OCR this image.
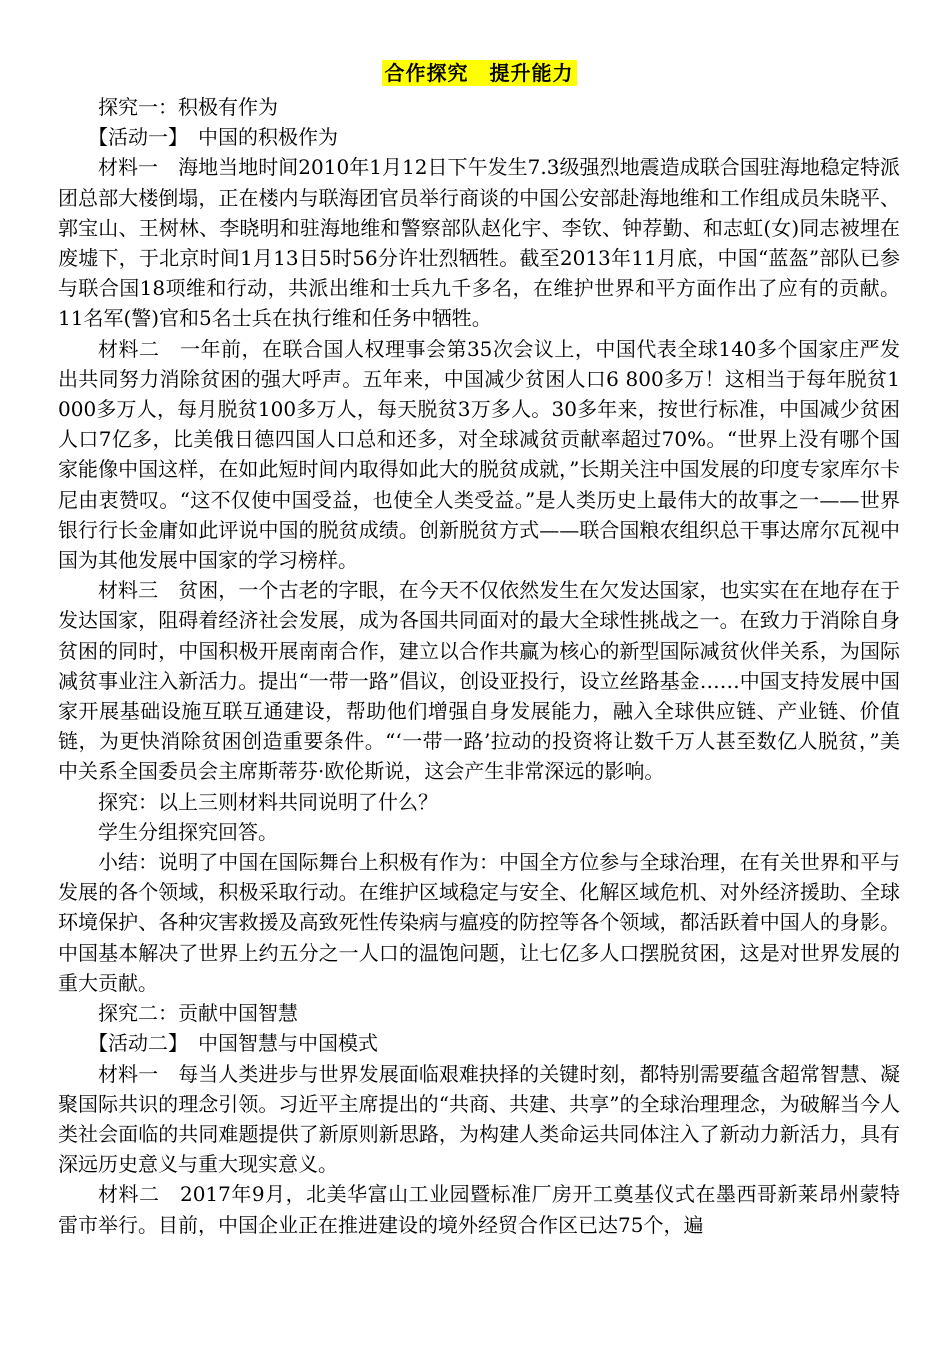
合作探究　提升能力

探究一：积极有作为

【活动一】　中国的积极作为

材料一　海地当地时间2010年1月12日下午发生7.3级强烈地震造成联合国驻海地稳定特派团总部大楼倒塌，正在楼内与联海团官员举行商谈的中国公安部赴海地维和工作组成员朱晓平、郭宝山、王树林、李晓明和驻海地维和警察部队赵化宇、李钦、钟荐勤、和志虹(女)同志被埋在废墟下，于北京时间1月13日5时56分许壮烈牺牲。截至2013年11月底，中国“蓝盔”部队已参与联合国18项维和行动，共派出维和士兵九千多名，在维护世界和平方面作出了应有的贡献。11名军(警)官和5名士兵在执行维和任务中牺牲。

材料二　一年前，在联合国人权理事会第35次会议上，中国代表全球140多个国家庄严发出共同努力消除贫困的强大呼声。五年来，中国减少贫困人口6 800多万！这相当于每年脱贫1 000多万人，每月脱贫100多万人，每天脱贫3万多人。30多年来，按世行标准，中国减少贫困人口7亿多，比美俄日德四国人口总和还多，对全球减贫贡献率超过70%。“世界上没有哪个国家能像中国这样，在如此短时间内取得如此大的脱贫成就，”长期关注中国发展的印度专家库尔卡尼由衷赞叹。“这不仅使中国受益，也使全人类受益。”是人类历史上最伟大的故事之一——世界银行行长金庸如此评说中国的脱贫成绩。创新脱贫方式——联合国粮农组织总干事达席尔瓦视中国为其他发展中国家的学习榜样。

材料三　贫困，一个古老的字眼，在今天不仅依然发生在欠发达国家，也实实在在地存在于发达国家，阻碍着经济社会发展，成为各国共同面对的最大全球性挑战之一。在致力于消除自身贫困的同时，中国积极开展南南合作，建立以合作共赢为核心的新型国际减贫伙伴关系，为国际减贫事业注入新活力。提出“一带一路”倡议，创设亚投行，设立丝路基金……中国支持发展中国家开展基础设施互联互通建设，帮助他们增强自身发展能力，融入全球供应链、产业链、价值链，为更快消除贫困创造重要条件。“‘一带一路’拉动的投资将让数千万人甚至数亿人脱贫，”美中关系全国委员会主席斯蒂芬·欧伦斯说，这会产生非常深远的影响。

探究：以上三则材料共同说明了什么？

学生分组探究回答。

小结：说明了中国在国际舞台上积极有作为：中国全方位参与全球治理，在有关世界和平与发展的各个领域，积极采取行动。在维护区域稳定与安全、化解区域危机、对外经济援助、全球环境保护、各种灾害救援及高致死性传染病与瘟疫的防控等各个领域，都活跃着中国人的身影。中国基本解决了世界上约五分之一人口的温饱问题，让七亿多人口摆脱贫困，这是对世界发展的重大贡献。

探究二：贡献中国智慧

【活动二】　中国智慧与中国模式

材料一　每当人类进步与世界发展面临艰难抉择的关键时刻，都特别需要蕴含超常智慧、凝聚国际共识的理念引领。习近平主席提出的“共商、共建、共享”的全球治理理念，为破解当今人类社会面临的共同难题提供了新原则新思路，为构建人类命运共同体注入了新动力新活力，具有深远历史意义与重大现实意义。

材料二　2017年9月，北美华富山工业园暨标准厂房开工奠基仪式在墨西哥新莱昂州蒙特雷市举行。目前，中国企业正在推进建设的境外经贸合作区已达75个，遍
